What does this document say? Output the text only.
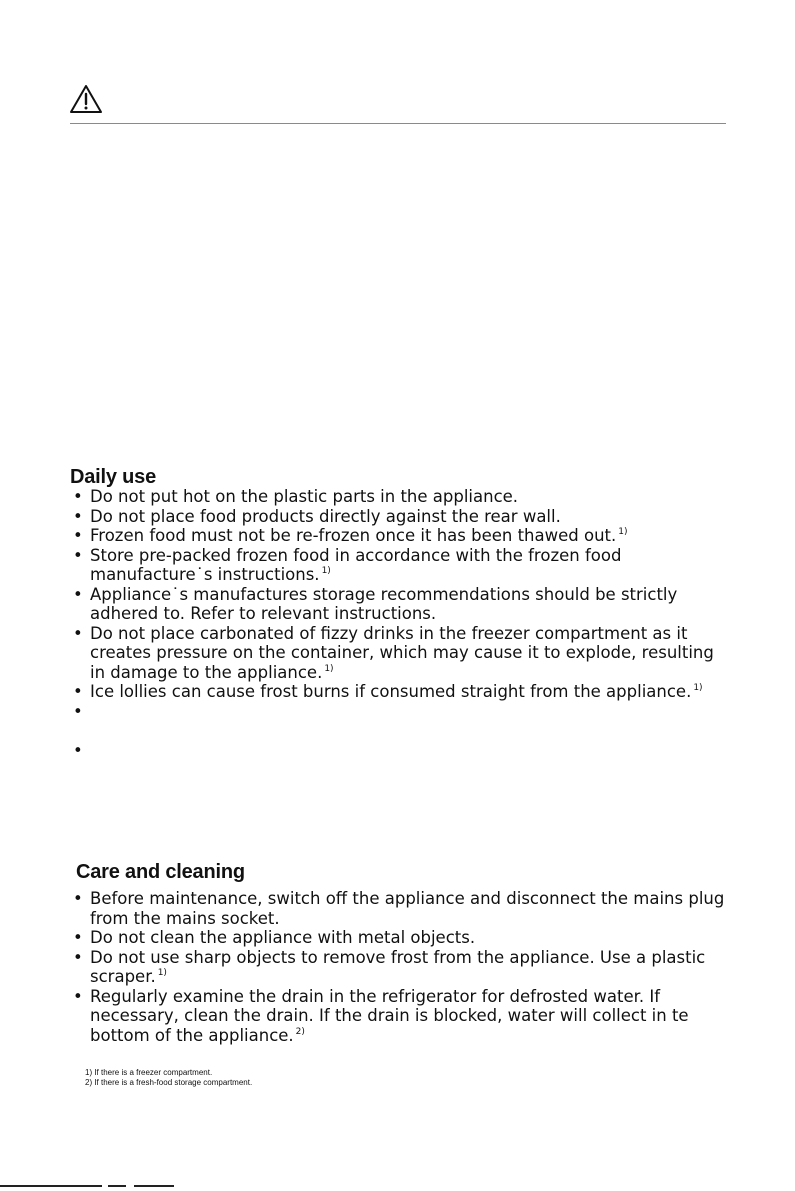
Daily use
• Do not put hot on the plastic parts in the appliance.
• Do not place food products directly against the rear wall.
• Frozen food must not be re-frozen once it has been thawed out. $^{1)}$
• Store pre-packed frozen food in accordance with the frozen food manufacture˙s instructions. $^{1)}$
• Appliance˙s manufactures storage recommendations should be strictly adhered to. Refer to relevant instructions.
• Do not place carbonated of fizzy drinks in the freezer compartment as it creates pressure on the container, which may cause it to explode, resulting in damage to the appliance. $^{1)}$
• Ice lollies can cause frost burns if consumed straight from the appliance. $^{1)}$
•
•
Care and cleaning
• Before maintenance, switch off the appliance and disconnect the mains plug from the mains socket.
• Do not clean the appliance with metal objects.
• Do not use sharp objects to remove frost from the appliance. Use a plastic scraper. $^{1)}$
• Regularly examine the drain in the refrigerator for defrosted water. If necessary, clean the drain. If the drain is blocked, water will collect in te bottom of the appliance. $^{2)}$
1) If there is a freezer compartment.
2) If there is a fresh-food storage compartment.
